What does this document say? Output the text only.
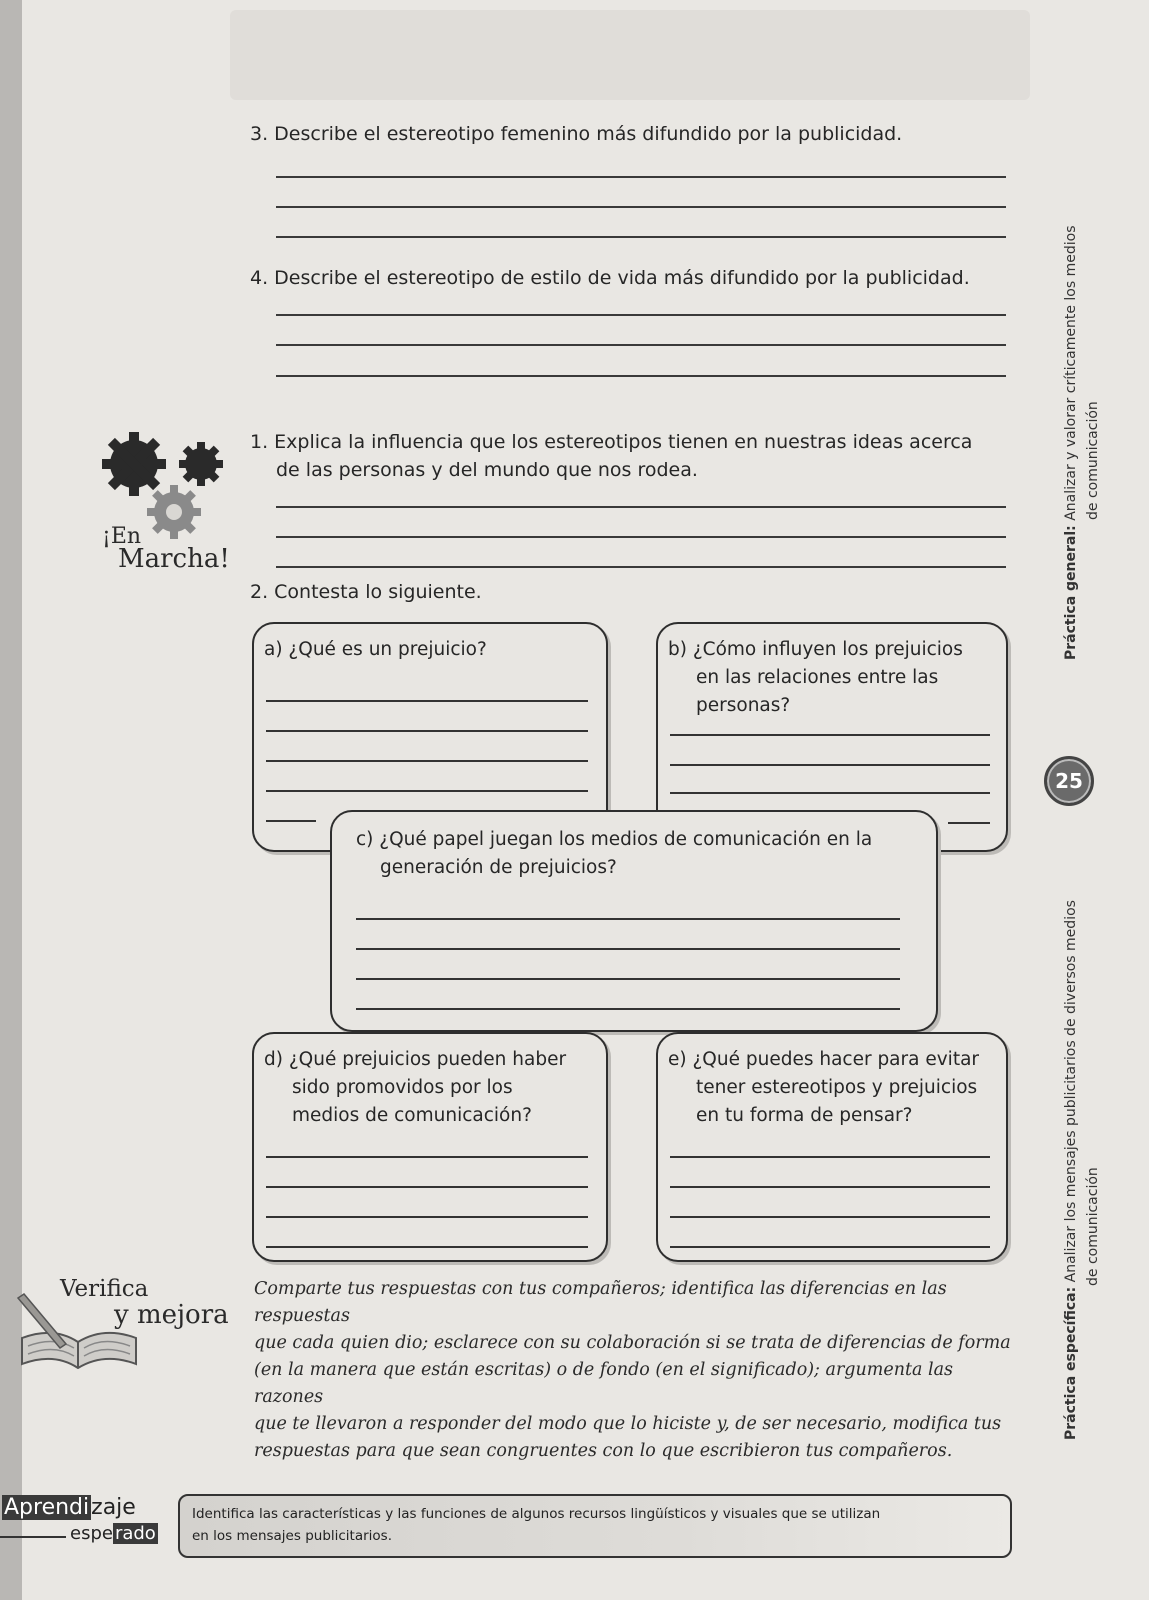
3. Describe el estereotipo femenino más difundido por la publicidad.
4. Describe el estereotipo de estilo de vida más difundido por la publicidad.
¡En
Marcha!
1. Explica la influencia que los estereotipos tienen en nuestras ideas acerca
de las personas y del mundo que nos rodea.
2. Contesta lo siguiente.
a) ¿Qué es un prejuicio?	b) ¿Cómo influyen los prejuicios
en las relaciones entre las
personas?
c) ¿Qué papel juegan los medios de comunicación en la
generación de prejuicios?
d) ¿Qué prejuicios pueden haber
sido promovidos por los
medios de comunicación?
e) ¿Qué puedes hacer para evitar
tener estereotipos y prejuicios
en tu forma de pensar?
Verifica
y mejora
Comparte tus respuestas con tus compañeros; identifica las diferencias en las respuestas
que cada quien dio; esclarece con su colaboración si se trata de diferencias de forma
(en la manera que están escritas) o de fondo (en el significado); argumenta las razones
que te llevaron a responder del modo que lo hiciste y, de ser necesario, modifica tus
respuestas para que sean congruentes con lo que escribieron tus compañeros.
Práctica general: Analizar y valorar críticamente los medios de comunicación
25
Práctica específica: Analizar los mensajes publicitarios de diversos medios de comunicación
Aprendizaje
espe rado
Identifica las características y las funciones de algunos recursos lingüísticos y visuales que se utilizan
en los mensajes publicitarios.
